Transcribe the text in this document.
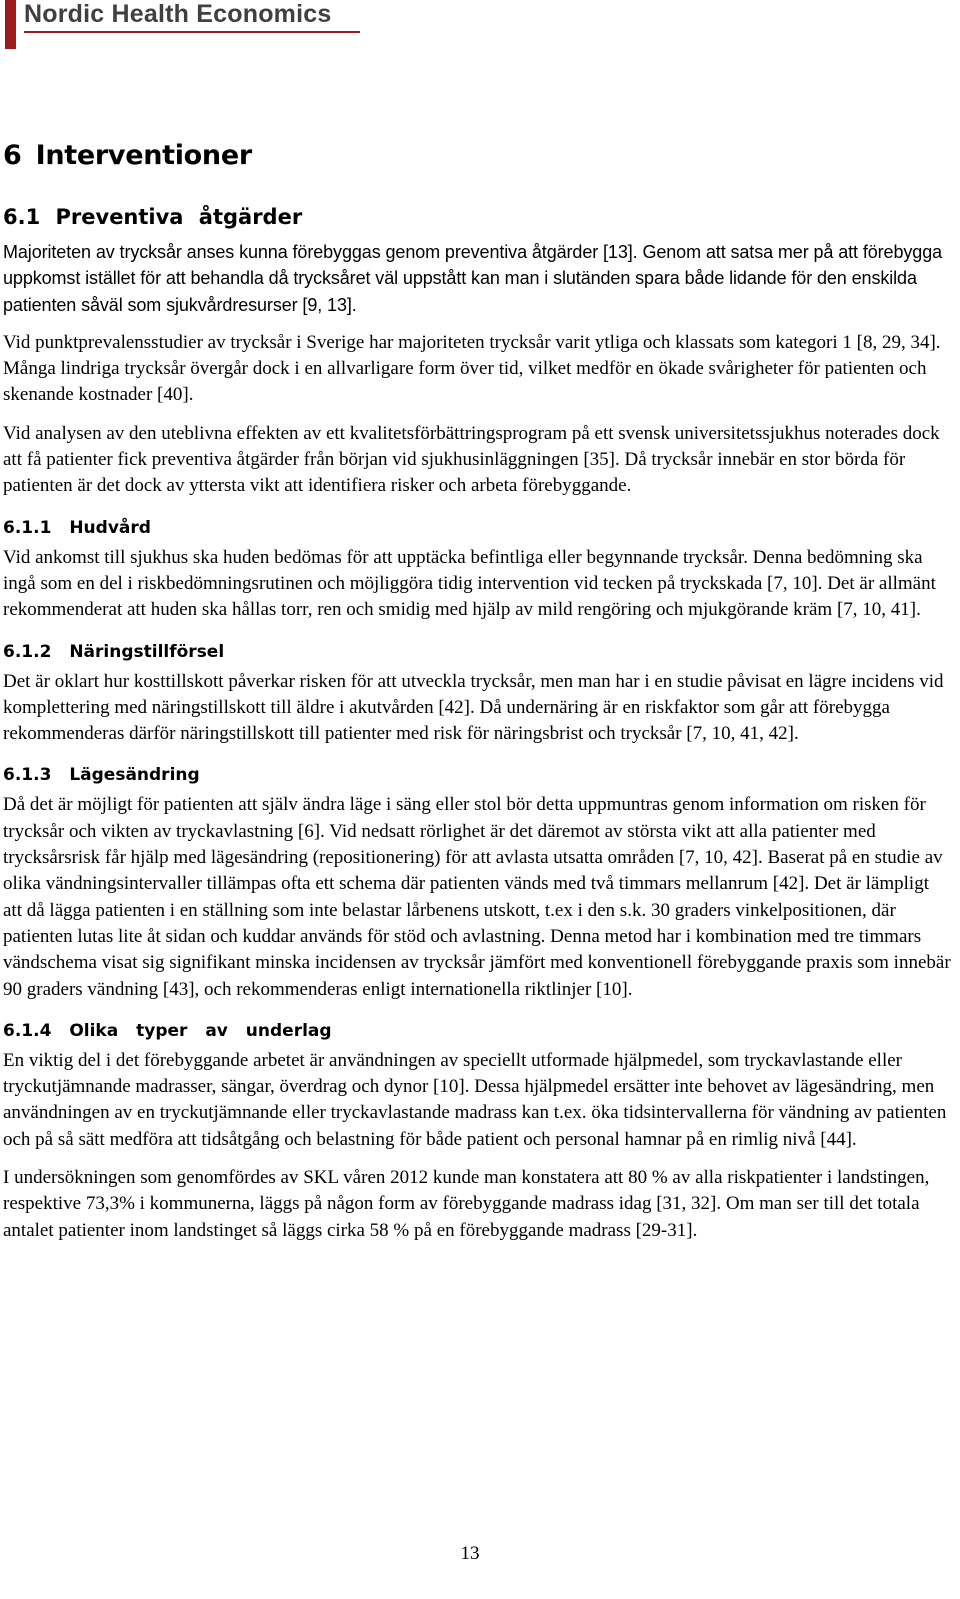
Nordic Health Economics
6 Interventioner
6.1 Preventiva åtgärder

Majoriteten av trycksår anses kunna förebyggas genom preventiva åtgärder [13]. Genom att satsa mer på att förebygga uppkomst istället för att behandla då trycksåret väl uppstått kan man i slutänden spara både lidande för den enskilda patienten såväl som sjukvårdresurser [9, 13].

Vid punktprevalensstudier av trycksår i Sverige har majoriteten trycksår varit ytliga och klassats som kategori 1 [8, 29, 34]. Många lindriga trycksår övergår dock i en allvarligare form över tid, vilket medför en ökade svårigheter för patienten och skenande kostnader [40].

Vid analysen av den uteblivna effekten av ett kvalitetsförbättringsprogram på ett svensk universitetssjukhus noterades dock att få patienter fick preventiva åtgärder från början vid sjukhusinläggningen [35]. Då trycksår innebär en stor börda för patienten är det dock av yttersta vikt att identifiera risker och arbeta förebyggande.

6.1.1 Hudvård

Vid ankomst till sjukhus ska huden bedömas för att upptäcka befintliga eller begynnande trycksår. Denna bedömning ska ingå som en del i riskbedömningsrutinen och möjliggöra tidig intervention vid tecken på tryckskada [7, 10]. Det är allmänt rekommenderat att huden ska hållas torr, ren och smidig med hjälp av mild rengöring och mjukgörande kräm [7, 10, 41].

6.1.2 Näringstillförsel

Det är oklart hur kosttillskott påverkar risken för att utveckla trycksår, men man har i en studie påvisat en lägre incidens vid komplettering med näringstillskott till äldre i akutvården [42]. Då undernäring är en riskfaktor som går att förebygga rekommenderas därför näringstillskott till patienter med risk för näringsbrist och trycksår [7, 10, 41, 42].

6.1.3 Lägesändring

Då det är möjligt för patienten att själv ändra läge i säng eller stol bör detta uppmuntras genom information om risken för trycksår och vikten av tryckavlastning [6]. Vid nedsatt rörlighet är det däremot av största vikt att alla patienter med trycksårsrisk får hjälp med lägesändring (repositionering) för att avlasta utsatta områden [7, 10, 42]. Baserat på en studie av olika vändningsintervaller tillämpas ofta ett schema där patienten vänds med två timmars mellanrum [42]. Det är lämpligt att då lägga patienten i en ställning som inte belastar lårbenens utskott, t.ex i den s.k. 30 graders vinkelpositionen, där patienten lutas lite åt sidan och kuddar används för stöd och avlastning. Denna metod har i kombination med tre timmars vändschema visat sig signifikant minska incidensen av trycksår jämfört med konventionell förebyggande praxis som innebär 90 graders vändning [43], och rekommenderas enligt internationella riktlinjer [10].

6.1.4 Olika typer av underlag

En viktig del i det förebyggande arbetet är användningen av speciellt utformade hjälpmedel, som tryckavlastande eller tryckutjämnande madrasser, sängar, överdrag och dynor [10]. Dessa hjälpmedel ersätter inte behovet av lägesändring, men användningen av en tryckutjämnande eller tryckavlastande madrass kan t.ex. öka tidsintervallerna för vändning av patienten och på så sätt medföra att tidsåtgång och belastning för både patient och personal hamnar på en rimlig nivå [44].

I undersökningen som genomfördes av SKL våren 2012 kunde man konstatera att 80 % av alla riskpatienter i landstingen, respektive 73,3% i kommunerna, läggs på någon form av förebyggande madrass idag [31, 32]. Om man ser till det totala antalet patienter inom landstinget så läggs cirka 58 % på en förebyggande madrass [29-31].

13
